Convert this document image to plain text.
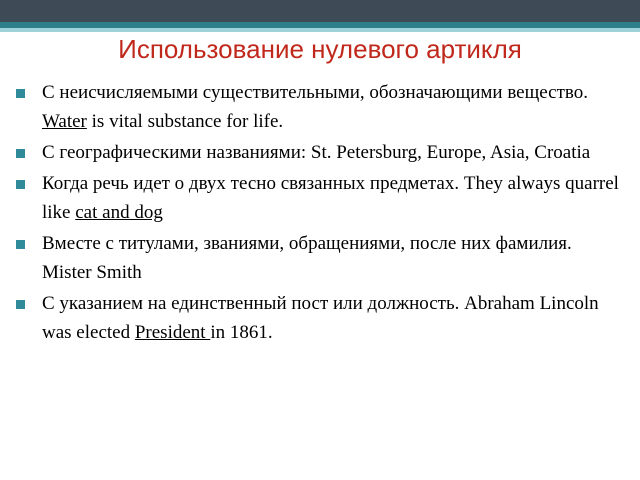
Использование нулевого артикля
С неисчисляемыми существительными, обозначающими вещество. Water is vital substance for life.
С географическими названиями: St. Petersburg, Europe, Asia, Croatia
Когда речь идет о двух тесно связанных предметах. They always quarrel like cat and dog
Вместе с титулами, званиями, обращениями, после них фамилия. Mister Smith
С указанием на единственный пост или должность. Abraham Lincoln was elected President in 1861.
